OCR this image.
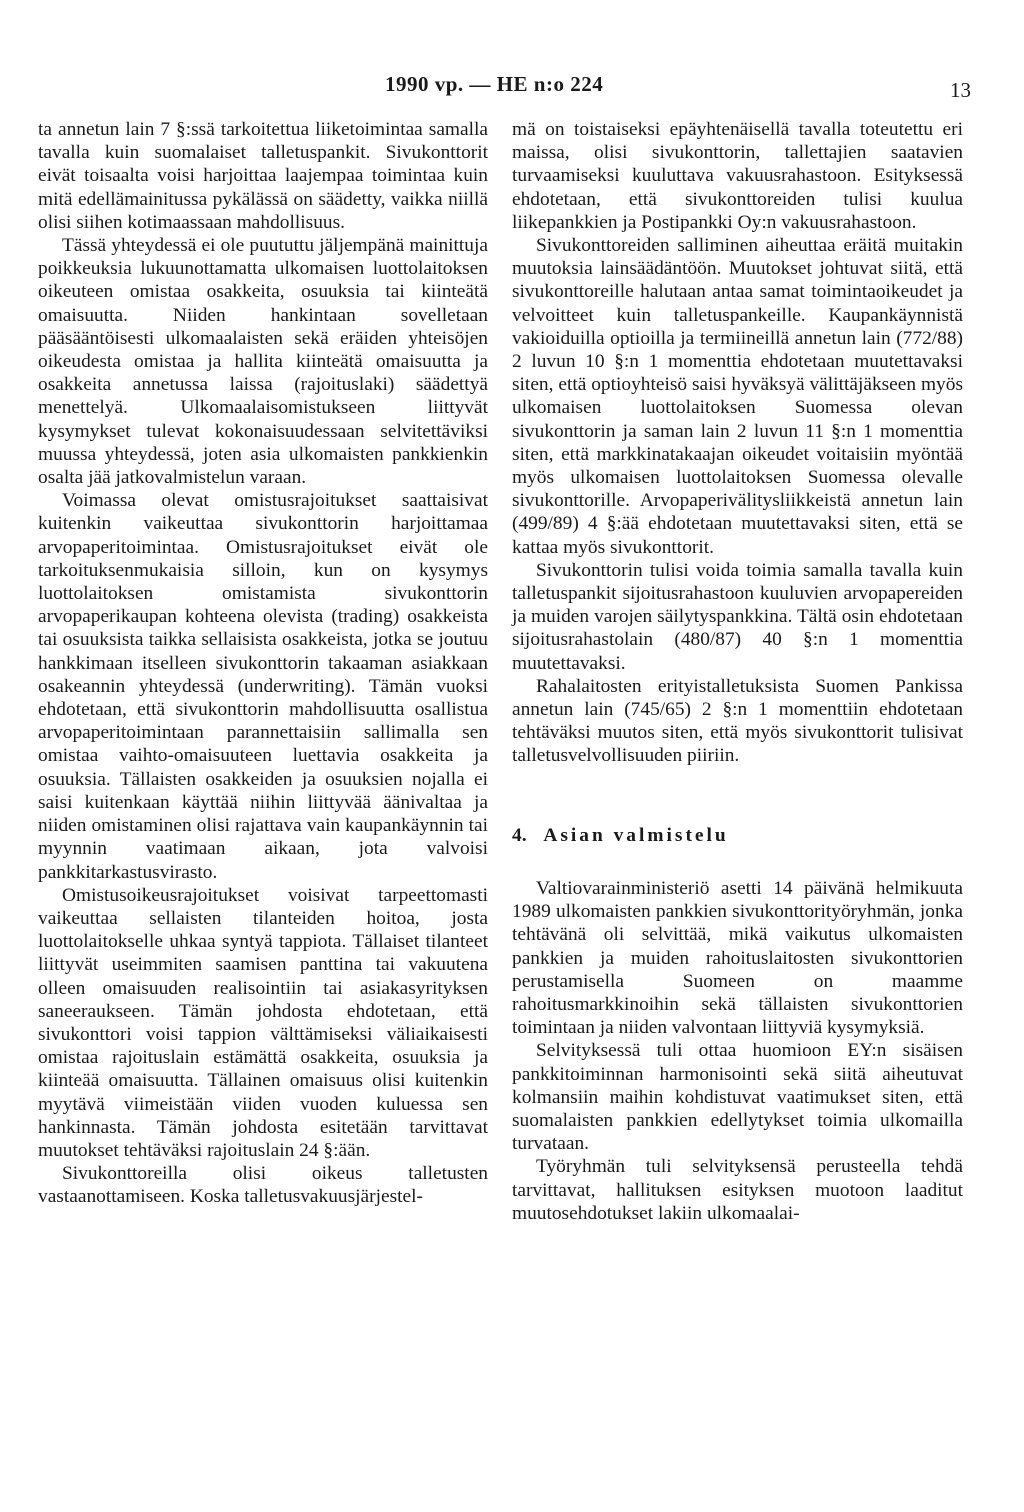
1990 vp. — HE n:o 224	13

ta annetun lain 7 §:ssä tarkoitettua liiketoimintaa samalla tavalla kuin suomalaiset talletuspankit. Sivukonttorit eivät toisaalta voisi harjoittaa laajempaa toimintaa kuin mitä edellämainitussa pykälässä on säädetty, vaikka niillä olisi siihen kotimaassaan mahdollisuus.

Tässä yhteydessä ei ole puututtu jäljempänä mainittuja poikkeuksia lukuunottamatta ulkomaisen luottolaitoksen oikeuteen omistaa osakkeita, osuuksia tai kiinteätä omaisuutta. Niiden hankintaan sovelletaan pääsääntöisesti ulkomaalaisten sekä eräiden yhteisöjen oikeudesta omistaa ja hallita kiinteätä omaisuutta ja osakkeita annetussa laissa (rajoituslaki) säädettyä menettelyä. Ulkomaalaisomistukseen liittyvät kysymykset tulevat kokonaisuudessaan selvitettäviksi muussa yhteydessä, joten asia ulkomaisten pankkienkin osalta jää jatkovalmistelun varaan.

Voimassa olevat omistusrajoitukset saattaisivat kuitenkin vaikeuttaa sivukonttorin harjoittamaa arvopaperitoimintaa. Omistusrajoitukset eivät ole tarkoituksenmukaisia silloin, kun on kysymys luottolaitoksen omistamista sivukonttorin arvopaperikaupan kohteena olevista (trading) osakkeista tai osuuksista taikka sellaisista osakkeista, jotka se joutuu hankkimaan itselleen sivukonttorin takaaman asiakkaan osakeannin yhteydessä (underwriting). Tämän vuoksi ehdotetaan, että sivukonttorin mahdollisuutta osallistua arvopaperitoimintaan parannettaisiin sallimalla sen omistaa vaihto-omaisuuteen luettavia osakkeita ja osuuksia. Tällaisten osakkeiden ja osuuksien nojalla ei saisi kuitenkaan käyttää niihin liittyvää äänivaltaa ja niiden omistaminen olisi rajattava vain kaupankäynnin tai myynnin vaatimaan aikaan, jota valvoisi pankkitarkastusvirasto.

Omistusoikeusrajoitukset voisivat tarpeettomasti vaikeuttaa sellaisten tilanteiden hoitoa, josta luottolaitokselle uhkaa syntyä tappiota. Tällaiset tilanteet liittyvät useimmiten saamisen panttina tai vakuutena olleen omaisuuden realisointiin tai asiakasyrityksen saneeraukseen. Tämän johdosta ehdotetaan, että sivukonttori voisi tappion välttämiseksi väliaikaisesti omistaa rajoituslain estämättä osakkeita, osuuksia ja kiinteää omaisuutta. Tällainen omaisuus olisi kuitenkin myytävä viimeistään viiden vuoden kuluessa sen hankinnasta. Tämän johdosta esitetään tarvittavat muutokset tehtäväksi rajoituslain 24 §:ään.

Sivukonttoreilla olisi oikeus talletusten vastaanottamiseen. Koska talletusvakuusjärjestel-

mä on toistaiseksi epäyhtenäisellä tavalla toteutettu eri maissa, olisi sivukonttorin, tallettajien saatavien turvaamiseksi kuuluttava vakuusrahastoon. Esityksessä ehdotetaan, että sivukonttoreiden tulisi kuulua liikepankkien ja Postipankki Oy:n vakuusrahastoon.

Sivukonttoreiden salliminen aiheuttaa eräitä muitakin muutoksia lainsäädäntöön. Muutokset johtuvat siitä, että sivukonttoreille halutaan antaa samat toimintaoikeudet ja velvoitteet kuin talletuspankeille. Kaupankäynnistä vakioiduilla optioilla ja termiineillä annetun lain (772/88) 2 luvun 10 §:n 1 momenttia ehdotetaan muutettavaksi siten, että optioyhteisö saisi hyväksyä välittäjäkseen myös ulkomaisen luottolaitoksen Suomessa olevan sivukonttorin ja saman lain 2 luvun 11 §:n 1 momenttia siten, että markkinatakaajan oikeudet voitaisiin myöntää myös ulkomaisen luottolaitoksen Suomessa olevalle sivukonttorille. Arvopaperivälitysliikkeistä annetun lain (499/89) 4 §:ää ehdotetaan muutettavaksi siten, että se kattaa myös sivukonttorit.

Sivukonttorin tulisi voida toimia samalla tavalla kuin talletuspankit sijoitusrahastoon kuuluvien arvopapereiden ja muiden varojen säilytyspankkina. Tältä osin ehdotetaan sijoitusrahastolain (480/87) 40 §:n 1 momenttia muutettavaksi.

Rahalaitosten erityistalletuksista Suomen Pankissa annetun lain (745/65) 2 §:n 1 momenttiin ehdotetaan tehtäväksi muutos siten, että myös sivukonttorit tulisivat talletusvelvollisuuden piiriin.

4. Asian valmistelu

Valtiovarainministeriö asetti 14 päivänä helmikuuta 1989 ulkomaisten pankkien sivukonttorityöryhmän, jonka tehtävänä oli selvittää, mikä vaikutus ulkomaisten pankkien ja muiden rahoituslaitosten sivukonttorien perustamisella Suomeen on maamme rahoitusmarkkinoihin sekä tällaisten sivukonttorien toimintaan ja niiden valvontaan liittyviä kysymyksiä.

Selvityksessä tuli ottaa huomioon EY:n sisäisen pankkitoiminnan harmonisointi sekä siitä aiheutuvat kolmansiin maihin kohdistuvat vaatimukset siten, että suomalaisten pankkien edellytykset toimia ulkomailla turvataan.

Työryhmän tuli selvityksensä perusteella tehdä tarvittavat, hallituksen esityksen muotoon laaditut muutosehdotukset lakiin ulkomaalai-
